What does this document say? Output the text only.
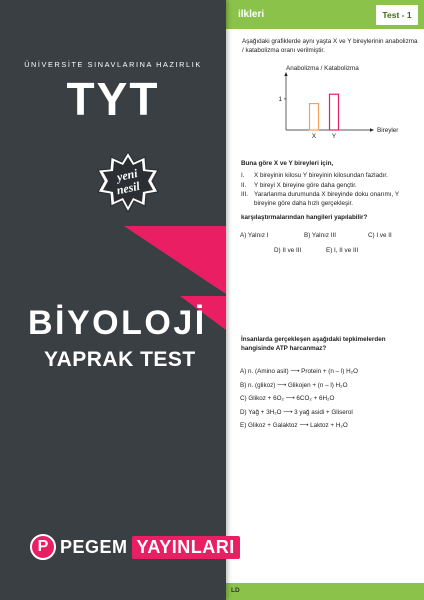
ilkleri	Test - 1
Aşağıdaki grafiklerde aynı yaşta X ve Y bireylerinin anabolizma / katabolizma oranı verilmiştir.
Anabolizma / Katabolizma
Bireyler
X	Y
1
Buna göre X ve Y bireyleri için,
I.	X bireyinin kilosu Y bireyinin kilosundan fazladır.
II.	Y bireyi X bireyine göre daha gençtir.
III. Yararlanma durumunda X bireyinde doku onarımı, Y bireyine göre daha hızlı gerçekleşir.
karşılaştırmalarından hangileri yapılabilir?
A) Yalnız I	B) Yalnız III	C) I ve II
D) II ve III	E) I, II ve III
İnsanlarda gerçekleşen aşağıdaki tepkimelerden hangisinde ATP harcanmaz?
A) n. (Amino asit) ⟶ Protein + (n – l) H₂O
B) n. (glikoz) ⟶ Glikojen + (n – l) H₂O
C) Glikoz + 6O₂ ⟶ 6CO₂ + 6H₂O
D) Yağ + 3H₂O ⟶ 3 yağ asidi + Gliserol
E) Glikoz + Galaktoz ⟶ Laktoz + H₂O
LD
ÜNİVERSİTE SINAVLARINA HAZIRLIK
TYT
yeni
nesil
BİYOLOJİ
YAPRAK TEST
P PEGEM YAYINLARI
